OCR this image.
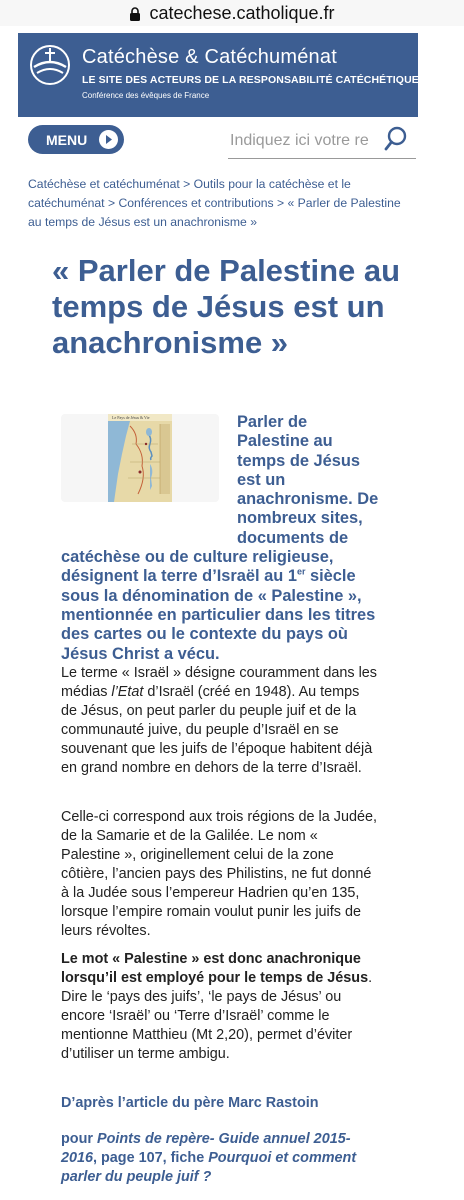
catechese.catholique.fr
Catéchèse & Catéchuménat
LE SITE DES ACTEURS DE LA RESPONSABILITÉ CATÉCHÉTIQUE
Conférence des évêques de France
MENU
Indiquez ici votre re
Catéchèse et catéchuménat > Outils pour la catéchèse et le catéchuménat > Conférences et contributions > « Parler de Palestine au temps de Jésus est un anachronisme »
« Parler de Palestine au temps de Jésus est un anachronisme »

Parler de Palestine au temps de Jésus est un anachronisme. De nombreux sites, documents de catéchèse ou de culture religieuse, désignent la terre d’Israël au 1er siècle sous la dénomination de « Palestine », mentionnée en particulier dans les titres des cartes ou le contexte du pays où Jésus Christ a vécu.

Le Pays de Jésus & Vie

Le terme « Israël » désigne couramment dans les médias l’Etat d’Israël (créé en 1948). Au temps de Jésus, on peut parler du peuple juif et de la communauté juive, du peuple d’Israël en se souvenant que les juifs de l’époque habitent déjà en grand nombre en dehors de la terre d’Israël.

Celle-ci correspond aux trois régions de la Judée, de la Samarie et de la Galilée. Le nom « Palestine », originellement celui de la zone côtière, l’ancien pays des Philistins, ne fut donné à la Judée sous l’empereur Hadrien qu’en 135, lorsque l’empire romain voulut punir les juifs de leurs révoltes.

Le mot « Palestine » est donc anachronique lorsqu’il est employé pour le temps de Jésus. Dire le ‘pays des juifs’, ‘le pays de Jésus’ ou encore ‘Israël’ ou ‘Terre d’Israël’ comme le mentionne Matthieu (Mt 2,20), permet d’éviter d’utiliser un terme ambigu.

D’après l’article du père Marc Rastoin

pour Points de repère- Guide annuel 2015-2016, page 107, fiche Pourquoi et comment parler du peuple juif ?
